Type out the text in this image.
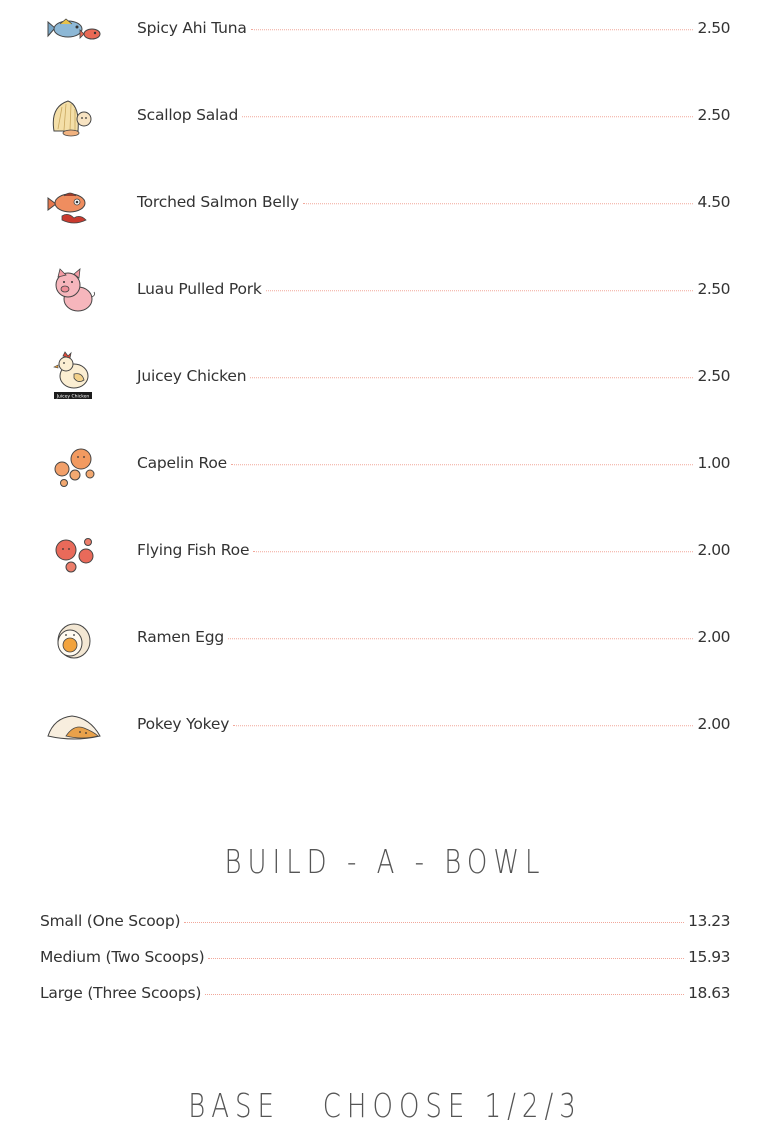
Spicy Ahi Tuna	2.50
Scallop Salad	2.50
Torched Salmon Belly	4.50
Luau Pulled Pork	2.50
Juicey Chicken
Juicey Chicken	2.50
Capelin Roe	1.00
Flying Fish Roe	2.00
Ramen Egg	2.00
Pokey Yokey	2.00
BUILD - A - BOWL
Small (One Scoop)	13.23
Medium (Two Scoops)	15.93
Large (Three Scoops)	18.63
BASE   CHOOSE 1/2/3
